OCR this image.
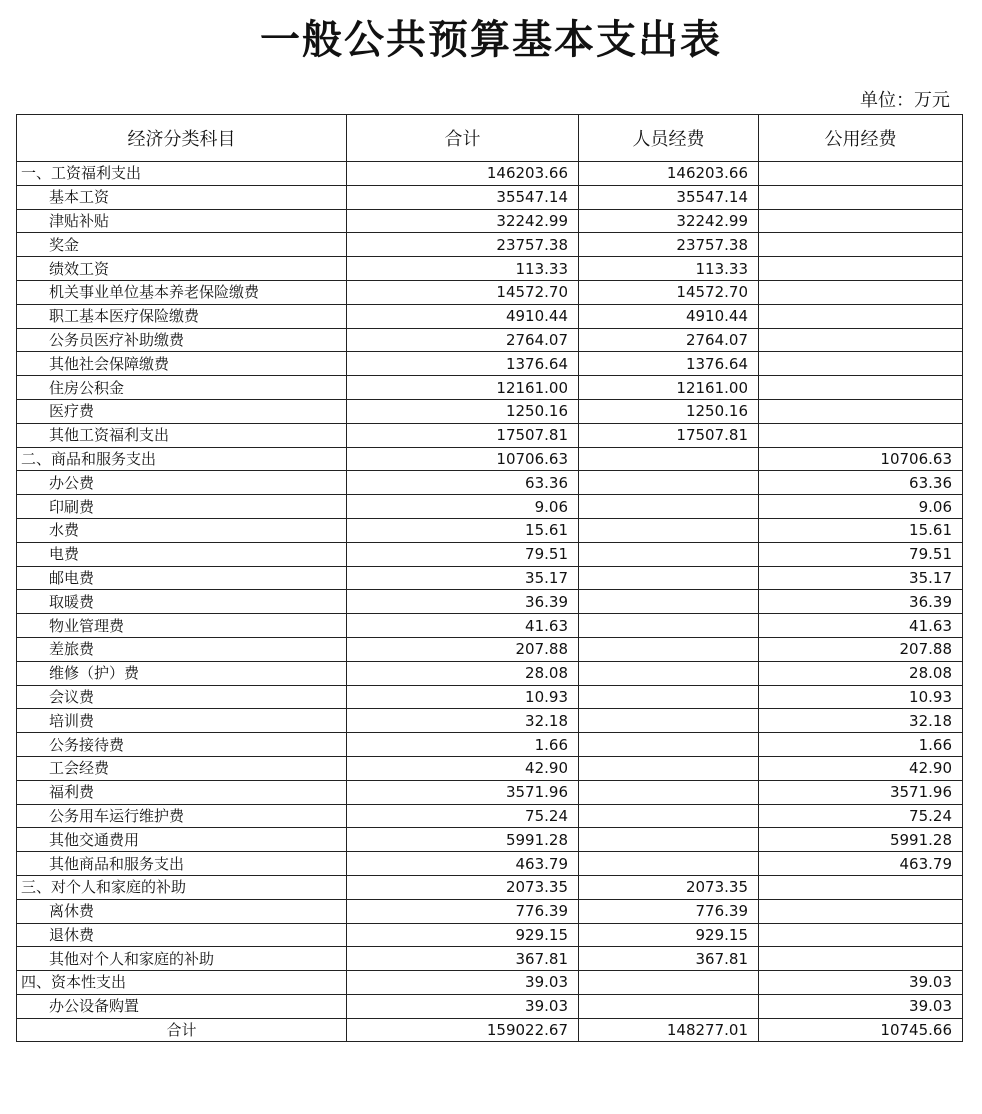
一般公共预算基本支出表
单位：万元
经济分类科目	合计	人员经费	公用经费
一、工资福利支出	146203.66	146203.66	
基本工资	35547.14	35547.14	
津贴补贴	32242.99	32242.99	
奖金	23757.38	23757.38	
绩效工资	113.33	113.33	
机关事业单位基本养老保险缴费	14572.70	14572.70	
职工基本医疗保险缴费	4910.44	4910.44	
公务员医疗补助缴费	2764.07	2764.07	
其他社会保障缴费	1376.64	1376.64	
住房公积金	12161.00	12161.00	
医疗费	1250.16	1250.16	
其他工资福利支出	17507.81	17507.81	
二、商品和服务支出	10706.63		10706.63
办公费	63.36		63.36
印刷费	9.06		9.06
水费	15.61		15.61
电费	79.51		79.51
邮电费	35.17		35.17
取暖费	36.39		36.39
物业管理费	41.63		41.63
差旅费	207.88		207.88
维修（护）费	28.08		28.08
会议费	10.93		10.93
培训费	32.18		32.18
公务接待费	1.66		1.66
工会经费	42.90		42.90
福利费	3571.96		3571.96
公务用车运行维护费	75.24		75.24
其他交通费用	5991.28		5991.28
其他商品和服务支出	463.79		463.79
三、对个人和家庭的补助	2073.35	2073.35	
离休费	776.39	776.39	
退休费	929.15	929.15	
其他对个人和家庭的补助	367.81	367.81	
四、资本性支出	39.03		39.03
办公设备购置	39.03		39.03
合计	159022.67	148277.01	10745.66
